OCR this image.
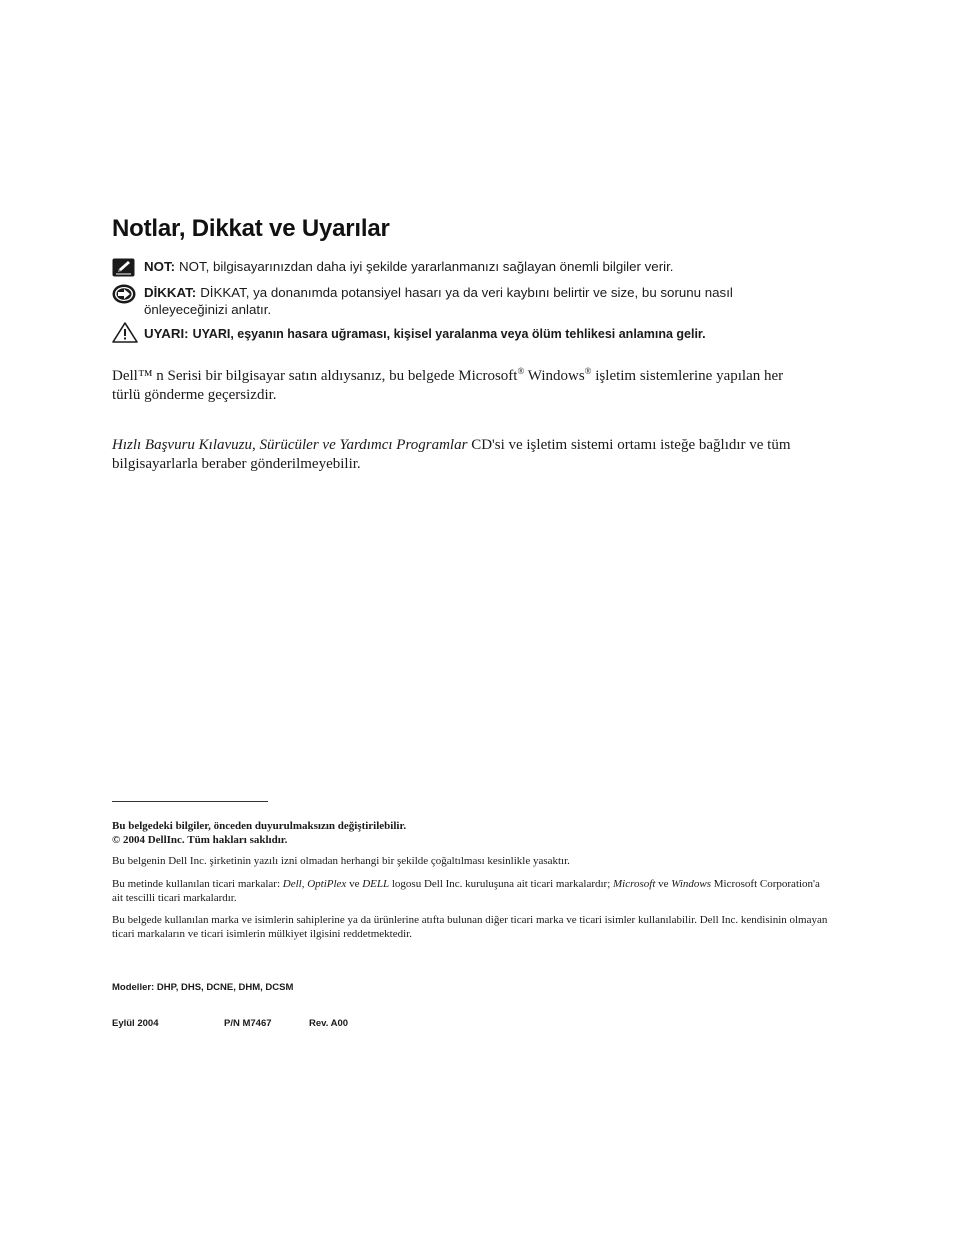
Notlar, Dikkat ve Uyarılar
NOT: NOT, bilgisayarınızdan daha iyi şekilde yararlanmanızı sağlayan önemli bilgiler verir.
DİKKAT: DİKKAT, ya donanımda potansiyel hasarı ya da veri kaybını belirtir ve size, bu sorunu nasıl önleyeceğinizi anlatır.
UYARI: UYARI, eşyanın hasara uğraması, kişisel yaralanma veya ölüm tehlikesi anlamına gelir.

Dell™ n Serisi bir bilgisayar satın aldıysanız, bu belgede Microsoft® Windows® işletim sistemlerine yapılan her türlü gönderme geçersizdir.

Hızlı Başvuru Kılavuzu, Sürücüler ve Yardımcı Programlar CD'si ve işletim sistemi ortamı isteğe bağlıdır ve tüm bilgisayarlarla beraber gönderilmeyebilir.

Bu belgedeki bilgiler, önceden duyurulmaksızın değiştirilebilir.
© 2004 DellInc. Tüm hakları saklıdır.
Bu belgenin Dell Inc. şirketinin yazılı izni olmadan herhangi bir şekilde çoğaltılması kesinlikle yasaktır.
Bu metinde kullanılan ticari markalar: Dell, OptiPlex ve DELL logosu Dell Inc. kuruluşuna ait ticari markalardır; Microsoft ve Windows Microsoft Corporation'a ait tescilli ticari markalardır.
Bu belgede kullanılan marka ve isimlerin sahiplerine ya da ürünlerine atıfta bulunan diğer ticari marka ve ticari isimler kullanılabilir. Dell Inc. kendisinin olmayan ticari markaların ve ticari isimlerin mülkiyet ilgisini reddetmektedir.
Modeller: DHP, DHS, DCNE, DHM, DCSM
Eylül 2004	P/N M7467	Rev. A00
